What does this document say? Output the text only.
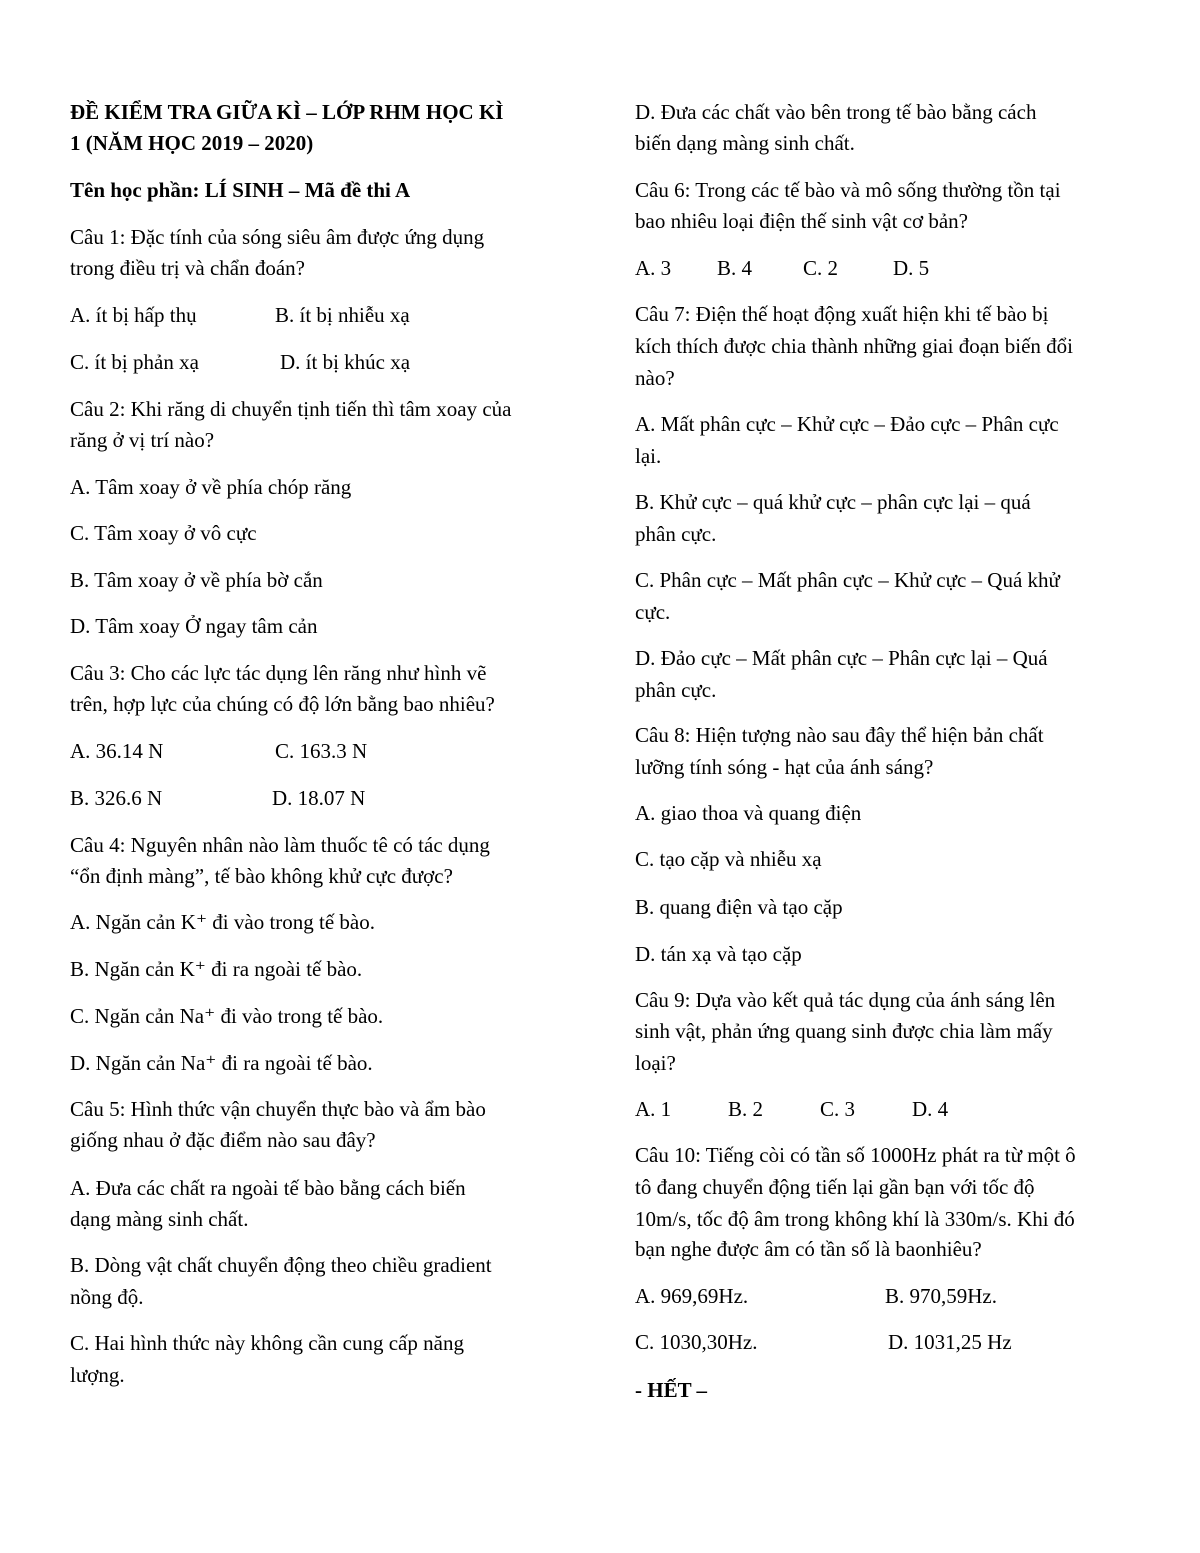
ĐỀ KIỂM TRA GIỮA KÌ – LỚP RHM HỌC KÌ
1 (NĂM HỌC 2019 – 2020)
Tên học phần: LÍ SINH – Mã đề thi A
Câu 1: Đặc tính của sóng siêu âm được ứng dụng
trong điều trị và chẩn đoán?
A. ít bị hấp thụ	B. ít bị nhiễu xạ
C. ít bị phản xạ	D. ít bị khúc xạ
Câu 2: Khi răng di chuyển tịnh tiến thì tâm xoay của
răng ở vị trí nào?
A. Tâm xoay ở về phía chóp răng
C. Tâm xoay ở vô cực
B. Tâm xoay ở về phía bờ cắn
D. Tâm xoay Ở ngay tâm cản
Câu 3: Cho các lực tác dụng lên răng như hình vẽ
trên, hợp lực của chúng có độ lớn bằng bao nhiêu?
A. 36.14 N	C. 163.3 N
B. 326.6 N	D. 18.07 N
Câu 4: Nguyên nhân nào làm thuốc tê có tác dụng
“ổn định màng”, tế bào không khử cực được?
A. Ngăn cản K⁺ đi vào trong tế bào.
B. Ngăn cản K⁺ đi ra ngoài tế bào.
C. Ngăn cản Na⁺ đi vào trong tế bào.
D. Ngăn cản Na⁺ đi ra ngoài tế bào.
Câu 5: Hình thức vận chuyển thực bào và ẩm bào
giống nhau ở đặc điểm nào sau đây?
A. Đưa các chất ra ngoài tế bào bằng cách biến
dạng màng sinh chất.
B. Dòng vật chất chuyển động theo chiều gradient
nồng độ.
C. Hai hình thức này không cần cung cấp năng
lượng.
D. Đưa các chất vào bên trong tế bào bằng cách
biến dạng màng sinh chất.
Câu 6: Trong các tế bào và mô sống thường tồn tại
bao nhiêu loại điện thế sinh vật cơ bản?
A. 3 B. 4 C. 2	D. 5
Câu 7: Điện thế hoạt động xuất hiện khi tế bào bị
kích thích được chia thành những giai đoạn biến đổi
nào?
A. Mất phân cực – Khử cực – Đảo cực – Phân cực
lại.
B. Khử cực – quá khử cực – phân cực lại – quá
phân cực.
C. Phân cực – Mất phân cực – Khử cực – Quá khử
cực.
D. Đảo cực – Mất phân cực – Phân cực lại – Quá
phân cực.
Câu 8: Hiện tượng nào sau đây thể hiện bản chất
lưỡng tính sóng - hạt của ánh sáng?
A. giao thoa và quang điện
C. tạo cặp và nhiễu xạ
B. quang điện và tạo cặp
D. tán xạ và tạo cặp
Câu 9: Dựa vào kết quả tác dụng của ánh sáng lên
sinh vật, phản ứng quang sinh được chia làm mấy
loại?
A. 1	B. 2	C. 3	D. 4
Câu 10: Tiếng còi có tần số 1000Hz phát ra từ một ô
tô đang chuyển động tiến lại gần bạn với tốc độ
10m/s, tốc độ âm trong không khí là 330m/s. Khi đó
bạn nghe được âm có tần số là baonhiêu?
A. 969,69Hz.	B. 970,59Hz.
C. 1030,30Hz.	D. 1031,25 Hz
- HẾT –
